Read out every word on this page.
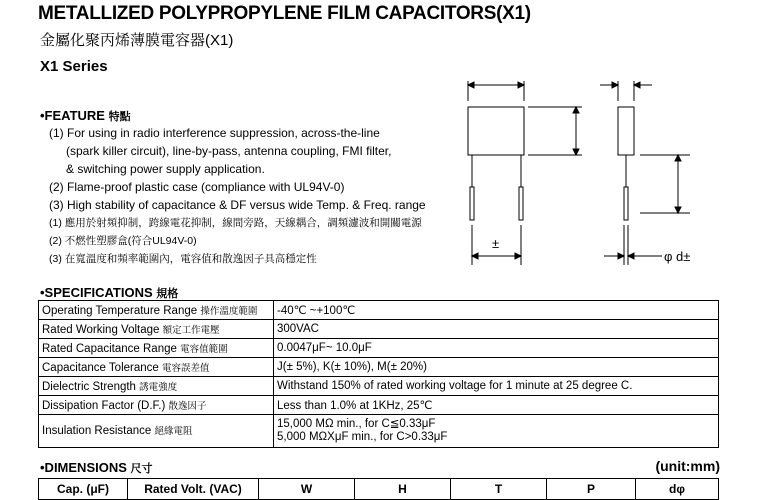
METALLIZED POLYPROPYLENE FILM CAPACITORS(X1)
金屬化聚丙烯薄膜電容器(X1)
X1 Series
•FEATURE 特點
(1) For using in radio interference suppression, across-the-line
(spark killer circuit), line-by-pass, antenna coupling, FMI filter,
& switching power supply application.
(2) Flame-proof plastic case (compliance with UL94V-0)
(3) High stability of capacitance & DF versus wide Temp. & Freq. range
(1) 應用於射頻抑制，跨線電花抑制，線間旁路，天線耦合，調頻濾波和開關電源
(2) 不燃性塑膠盒(符合UL94V-0)
(3) 在寬溫度和頻率範圍內，電容值和散逸因子具高穩定性
±
φ d±
•SPECIFICATIONS 規格
Operating Temperature Range 操作溫度範圍	-40℃ ~+100℃
Rated Working Voltage 額定工作電壓	300VAC
Rated Capacitance Range 電容值範圍	0.0047μF~ 10.0μF
Capacitance Tolerance 電容誤差值	J(± 5%), K(± 10%), M(± 20%)
Dielectric Strength 誘電強度	Withstand 150% of rated working voltage for 1 minute at 25 degree C.
Dissipation Factor (D.F.) 散逸因子	Less than 1.0% at 1KHz, 25℃
Insulation Resistance 絕緣電阻	15,000 MΩ min., for C≦0.33μF
5,000 MΩXμF min., for C>0.33μF
•DIMENSIONS 尺寸	(unit:mm)
Cap. (μF)	Rated Volt. (VAC)	W	H	T	P	dφ
